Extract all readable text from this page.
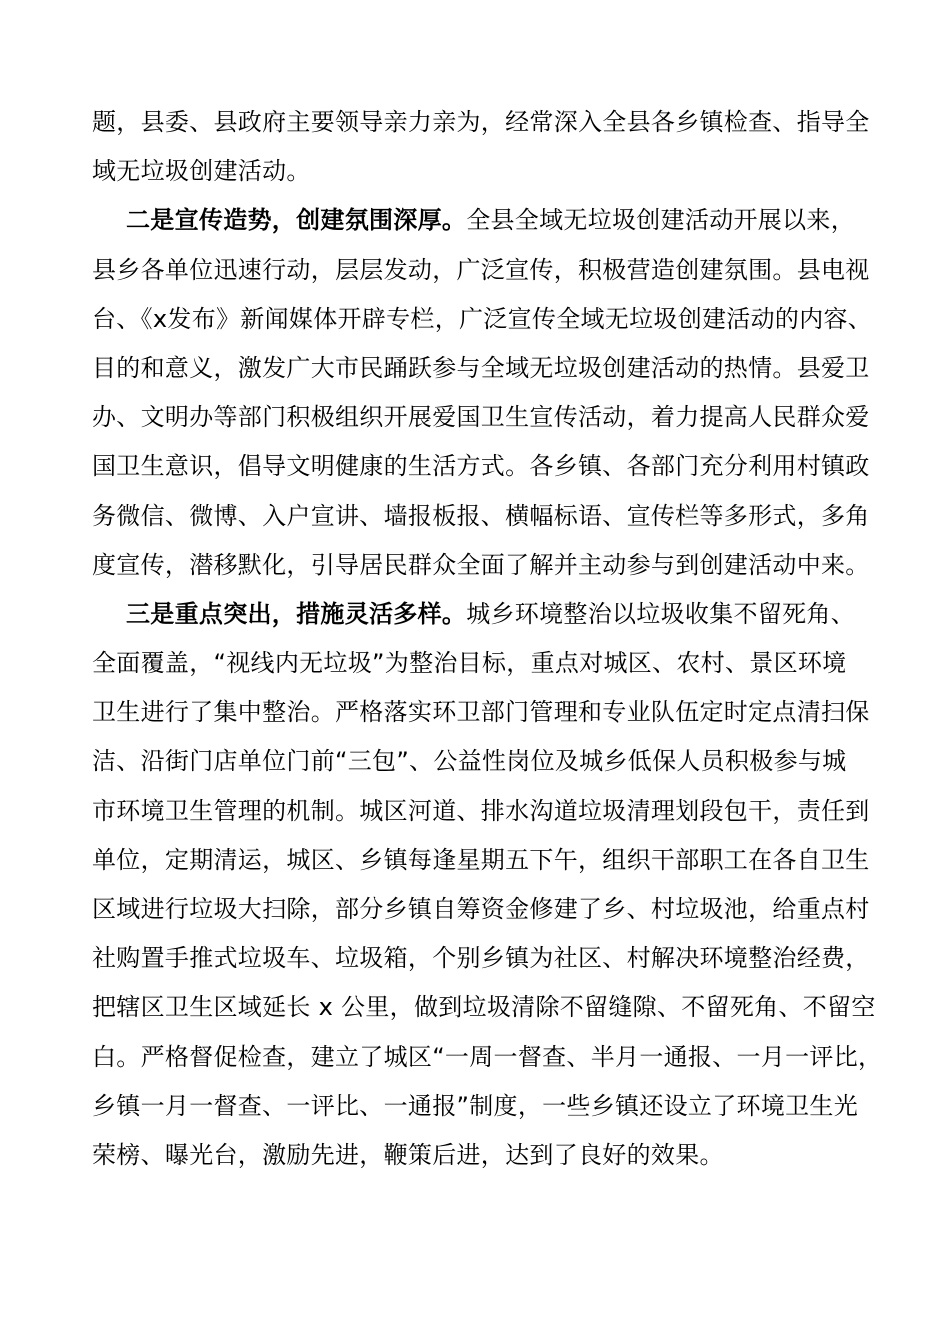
题，县委、县政府主要领导亲力亲为，经常深入全县各乡镇检查、指导全
域无垃圾创建活动。
二是宣传造势，创建氛围深厚。全县全域无垃圾创建活动开展以来，
县乡各单位迅速行动，层层发动，广泛宣传，积极营造创建氛围。县电视
台、《x发布》新闻媒体开辟专栏，广泛宣传全域无垃圾创建活动的内容、
目的和意义，激发广大市民踊跃参与全域无垃圾创建活动的热情。县爱卫
办、文明办等部门积极组织开展爱国卫生宣传活动，着力提高人民群众爱
国卫生意识，倡导文明健康的生活方式。各乡镇、各部门充分利用村镇政
务微信、微博、入户宣讲、墙报板报、横幅标语、宣传栏等多形式，多角
度宣传，潜移默化，引导居民群众全面了解并主动参与到创建活动中来。
三是重点突出，措施灵活多样。城乡环境整治以垃圾收集不留死角、
全面覆盖，“视线内无垃圾”为整治目标，重点对城区、农村、景区环境
卫生进行了集中整治。严格落实环卫部门管理和专业队伍定时定点清扫保
洁、沿街门店单位门前“三包”、公益性岗位及城乡低保人员积极参与城
市环境卫生管理的机制。城区河道、排水沟道垃圾清理划段包干，责任到
单位，定期清运，城区、乡镇每逢星期五下午，组织干部职工在各自卫生
区域进行垃圾大扫除，部分乡镇自筹资金修建了乡、村垃圾池，给重点村
社购置手推式垃圾车、垃圾箱，个别乡镇为社区、村解决环境整治经费，
把辖区卫生区域延长 x 公里，做到垃圾清除不留缝隙、不留死角、不留空
白。严格督促检查，建立了城区“一周一督查、半月一通报、一月一评比，
乡镇一月一督查、一评比、一通报”制度，一些乡镇还设立了环境卫生光
荣榜、曝光台，激励先进，鞭策后进，达到了良好的效果。
